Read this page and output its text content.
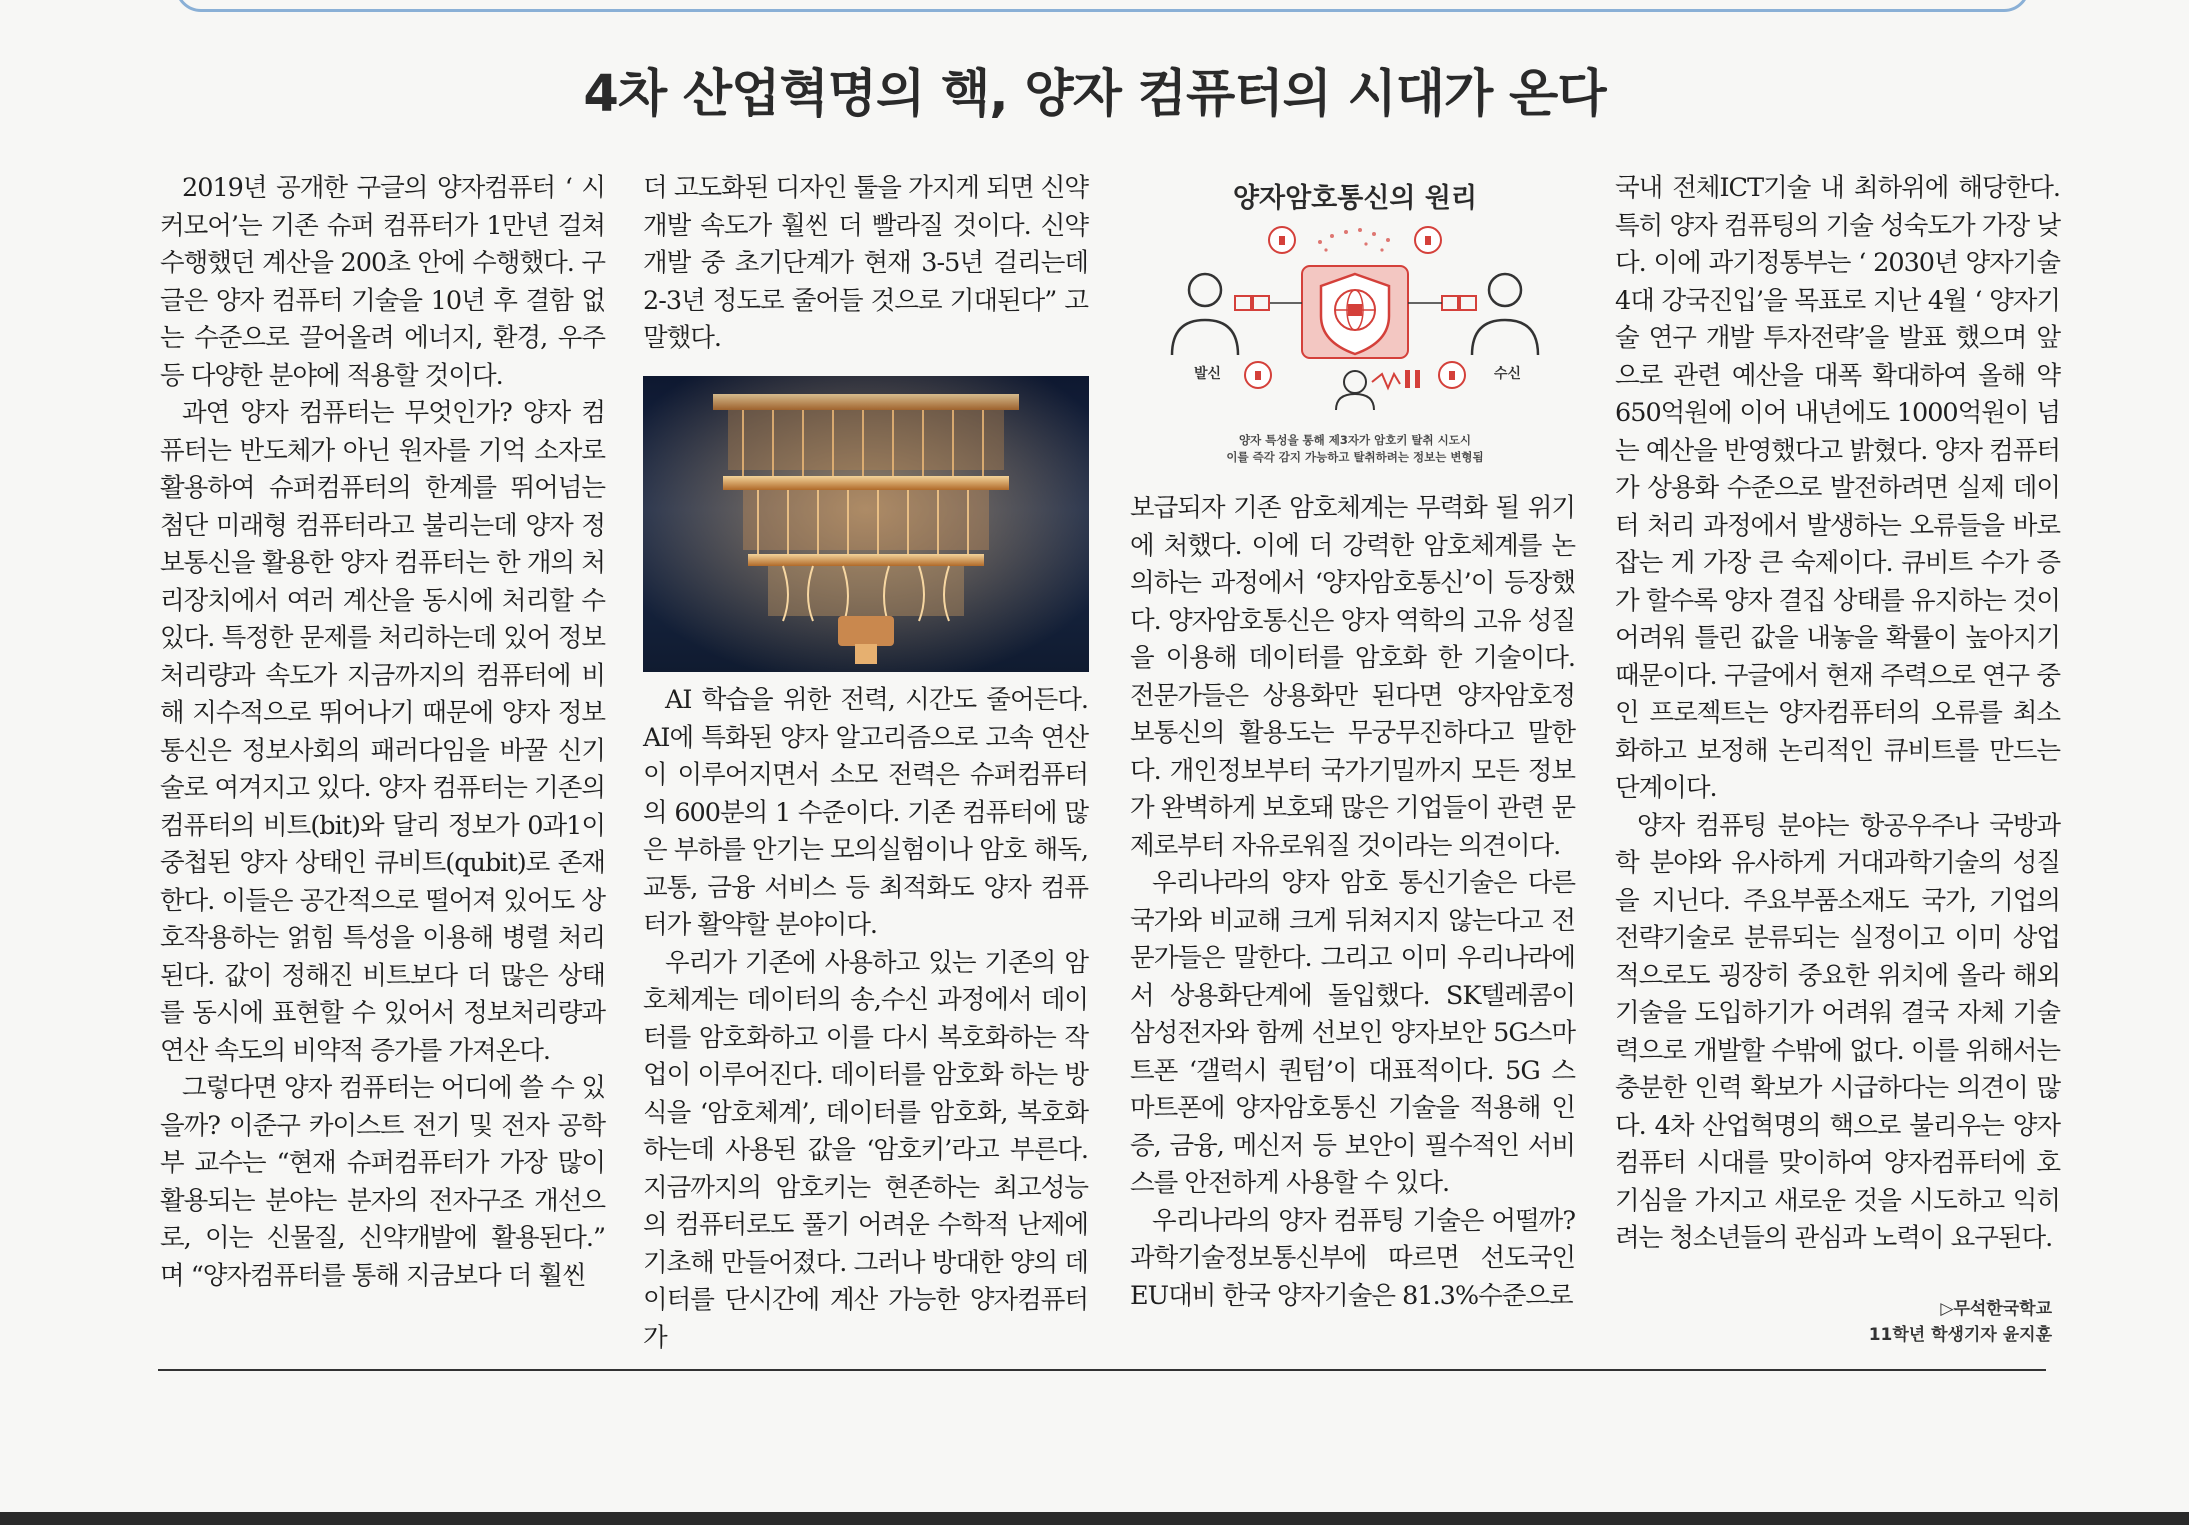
4차 산업혁명의 핵, 양자 컴퓨터의 시대가 온다

2019년 공개한 구글의 양자컴퓨터 ‘ 시커모어’는 기존 슈퍼 컴퓨터가 1만년 걸쳐 수행했던 계산을 200초 안에 수행했다. 구글은 양자 컴퓨터 기술을 10년 후 결함 없는 수준으로 끌어올려 에너지, 환경, 우주 등 다양한 분야에 적용할 것이다.

과연 양자 컴퓨터는 무엇인가? 양자 컴퓨터는 반도체가 아닌 원자를 기억 소자로 활용하여 슈퍼컴퓨터의 한계를 뛰어넘는 첨단 미래형 컴퓨터라고 불리는데 양자 정보통신을 활용한 양자 컴퓨터는 한 개의 처리장치에서 여러 계산을 동시에 처리할 수 있다. 특정한 문제를 처리하는데 있어 정보 처리량과 속도가 지금까지의 컴퓨터에 비해 지수적으로 뛰어나기 때문에 양자 정보통신은 정보사회의 패러다임을 바꿀 신기술로 여겨지고 있다. 양자 컴퓨터는 기존의 컴퓨터의 비트(bit)와 달리 정보가 0과1이 중첩된 양자 상태인 큐비트(qubit)로 존재한다. 이들은 공간적으로 떨어져 있어도 상호작용하는 얽힘 특성을 이용해 병렬 처리된다. 값이 정해진 비트보다 더 많은 상태를 동시에 표현할 수 있어서 정보처리량과 연산 속도의 비약적 증가를 가져온다.

그렇다면 양자 컴퓨터는 어디에 쓸 수 있을까? 이준구 카이스트 전기 및 전자 공학부 교수는 “현재 슈퍼컴퓨터가 가장 많이 활용되는 분야는 분자의 전자구조 개선으로, 이는 신물질, 신약개발에 활용된다.” 며 “양자컴퓨터를 통해 지금보다 더 훨씬

더 고도화된 디자인 툴을 가지게 되면 신약개발 속도가 훨씬 더 빨라질 것이다. 신약개발 중 초기단계가 현재 3-5년 걸리는데 2-3년 정도로 줄어들 것으로 기대된다” 고 말했다.

AI 학습을 위한 전력, 시간도 줄어든다. AI에 특화된 양자 알고리즘으로 고속 연산이 이루어지면서 소모 전력은 슈퍼컴퓨터의 600분의 1 수준이다. 기존 컴퓨터에 많은 부하를 안기는 모의실험이나 암호 해독, 교통, 금융 서비스 등 최적화도 양자 컴퓨터가 활약할 분야이다.

우리가 기존에 사용하고 있는 기존의 암호체계는 데이터의 송,수신 과정에서 데이터를 암호화하고 이를 다시 복호화하는 작업이 이루어진다. 데이터를 암호화 하는 방식을 ‘암호체계’, 데이터를 암호화, 복호화 하는데 사용된 값을 ‘암호키’라고 부른다. 지금까지의 암호키는 현존하는 최고성능의 컴퓨터로도 풀기 어려운 수학적 난제에 기초해 만들어졌다. 그러나 방대한 양의 데이터를 단시간에 계산 가능한 양자컴퓨터가

양자암호통신의 원리
발신	수신
양자 특성을 통해 제3자가 암호키 탈취 시도시
이를 즉각 감지 가능하고 탈취하려는 정보는 변형됨

보급되자 기존 암호체계는 무력화 될 위기에 처했다. 이에 더 강력한 암호체계를 논의하는 과정에서 ‘양자암호통신’이 등장했다. 양자암호통신은 양자 역학의 고유 성질을 이용해 데이터를 암호화 한 기술이다. 전문가들은 상용화만 된다면 양자암호정보통신의 활용도는 무궁무진하다고 말한다. 개인정보부터 국가기밀까지 모든 정보가 완벽하게 보호돼 많은 기업들이 관련 문제로부터 자유로워질 것이라는 의견이다.

우리나라의 양자 암호 통신기술은 다른 국가와 비교해 크게 뒤쳐지지 않는다고 전문가들은 말한다. 그리고 이미 우리나라에서 상용화단계에 돌입했다. SK텔레콤이 삼성전자와 함께 선보인 양자보안 5G스마트폰 ‘갤럭시 퀀텀’이 대표적이다. 5G 스마트폰에 양자암호통신 기술을 적용해 인증, 금융, 메신저 등 보안이 필수적인 서비스를 안전하게 사용할 수 있다.

우리나라의 양자 컴퓨팅 기술은 어떨까? 과학기술정보통신부에 따르면 선도국인 EU대비 한국 양자기술은 81.3%수준으로

국내 전체ICT기술 내 최하위에 해당한다. 특히 양자 컴퓨팅의 기술 성숙도가 가장 낮다. 이에 과기정통부는 ‘ 2030년 양자기술 4대 강국진입’을 목표로 지난 4월 ‘ 양자기술 연구 개발 투자전략’을 발표 했으며 앞으로 관련 예산을 대폭 확대하여 올해 약 650억원에 이어 내년에도 1000억원이 넘는 예산을 반영했다고 밝혔다. 양자 컴퓨터가 상용화 수준으로 발전하려면 실제 데이터 처리 과정에서 발생하는 오류들을 바로 잡는 게 가장 큰 숙제이다. 큐비트 수가 증가 할수록 양자 결집 상태를 유지하는 것이 어려워 틀린 값을 내놓을 확률이 높아지기 때문이다. 구글에서 현재 주력으로 연구 중인 프로젝트는 양자컴퓨터의 오류를 최소화하고 보정해 논리적인 큐비트를 만드는 단계이다.

양자 컴퓨팅 분야는 항공우주나 국방과학 분야와 유사하게 거대과학기술의 성질을 지닌다. 주요부품소재도 국가, 기업의 전략기술로 분류되는 실정이고 이미 상업적으로도 굉장히 중요한 위치에 올라 해외기술을 도입하기가 어려워 결국 자체 기술력으로 개발할 수밖에 없다. 이를 위해서는 충분한 인력 확보가 시급하다는 의견이 많다. 4차 산업혁명의 핵으로 불리우는 양자컴퓨터 시대를 맞이하여 양자컴퓨터에 호기심을 가지고 새로운 것을 시도하고 익히려는 청소년들의 관심과 노력이 요구된다.

▷무석한국학교
11학년 학생기자 윤지훈
